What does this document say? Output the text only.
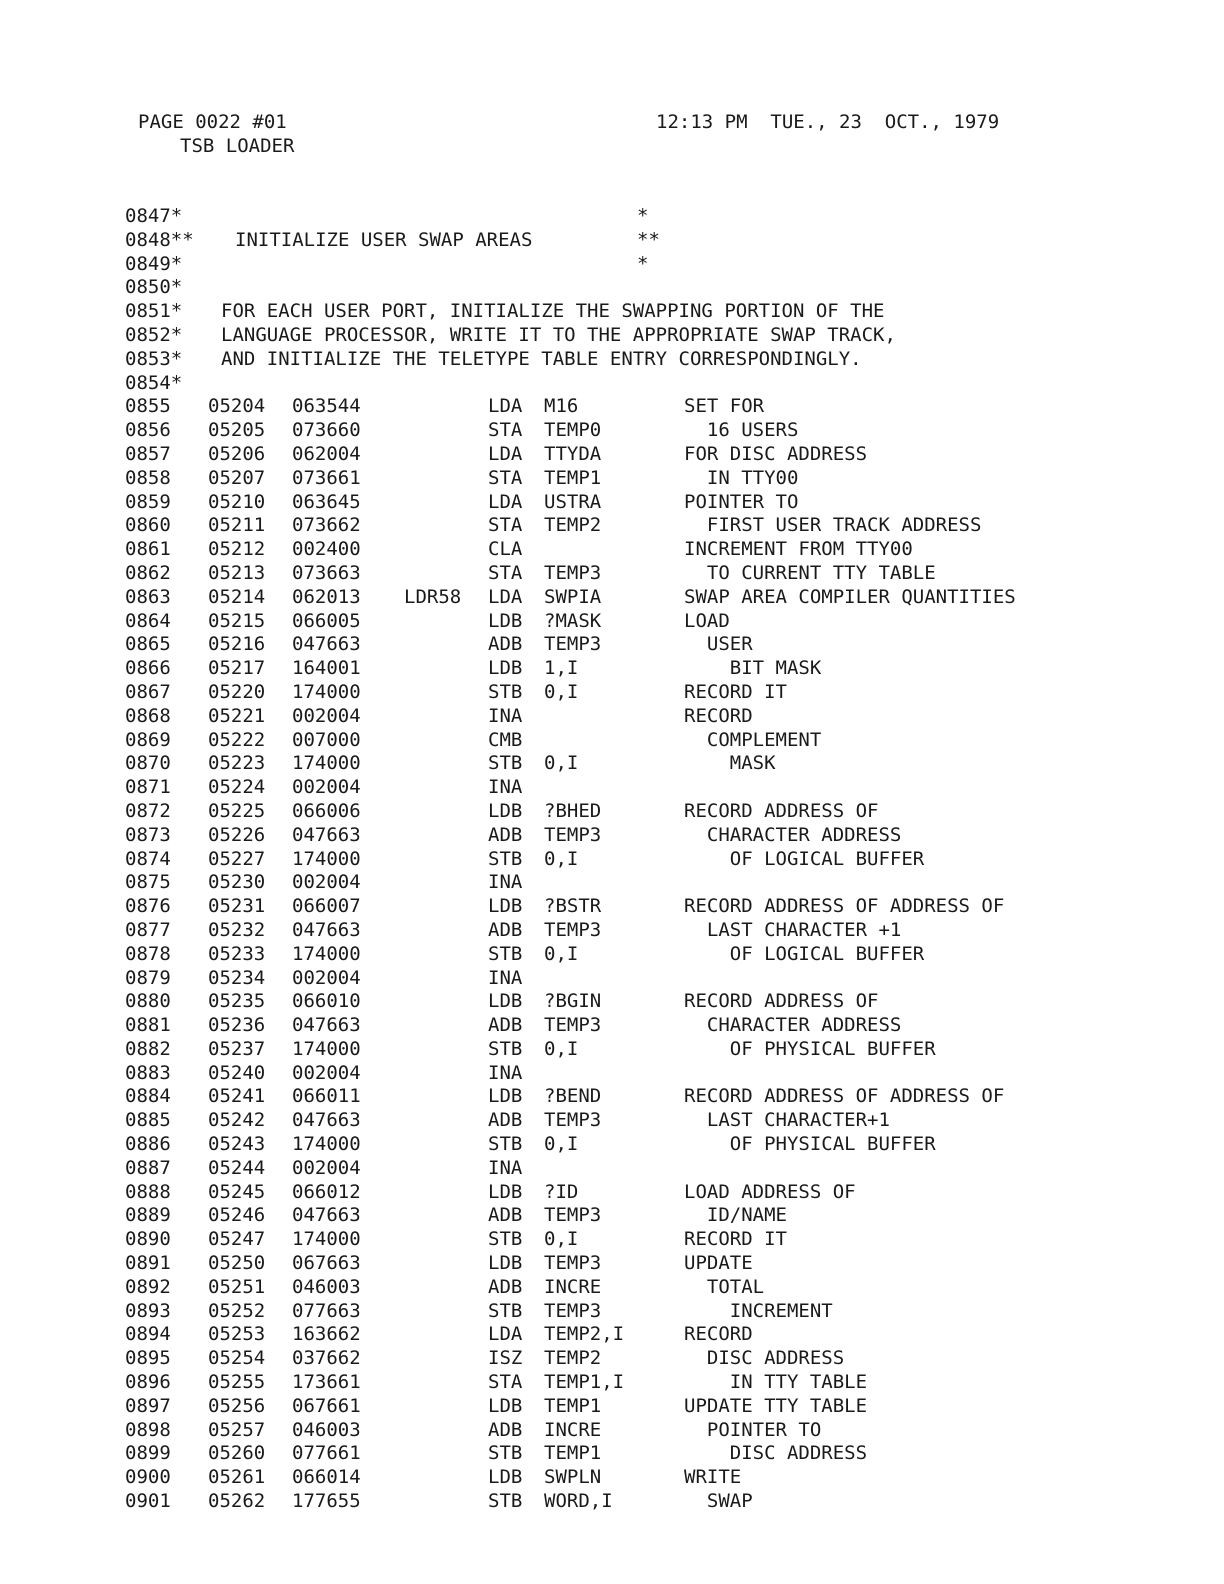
PAGE 0022 #01
TSB LOADER
12:13 PM  TUE., 23  OCT., 1979
0847*	*
0848** INITIALIZE USER SWAP AREAS	**
0849*	*
0850*
0851* FOR EACH USER PORT, INITIALIZE THE SWAPPING PORTION OF THE
0852* LANGUAGE PROCESSOR, WRITE IT TO THE APPROPRIATE SWAP TRACK,
0853* AND INITIALIZE THE TELETYPE TABLE ENTRY CORRESPONDINGLY.
0854*
0855 05204 063544	LDA M16	SET FOR
0856 05205 073660	STA TEMP0	16 USERS
0857 05206 062004	LDA TTYDA	FOR DISC ADDRESS
0858 05207 073661	STA TEMP1	IN TTY00
0859 05210 063645	LDA USTRA	POINTER TO
0860 05211 073662	STA TEMP2	FIRST USER TRACK ADDRESS
0861 05212 002400	CLA	INCREMENT FROM TTY00
0862 05213 073663	STA TEMP3	TO CURRENT TTY TABLE
0863 05214 062013 LDR58 LDA SWPIA	SWAP AREA COMPILER QUANTITIES
0864 05215 066005	LDB ?MASK	LOAD
0865 05216 047663	ADB TEMP3	USER
0866 05217 164001	LDB 1,I	BIT MASK
0867 05220 174000	STB 0,I	RECORD IT
0868 05221 002004	INA	RECORD
0869 05222 007000	CMB	COMPLEMENT
0870 05223 174000	STB 0,I	MASK
0871 05224 002004	INA
0872 05225 066006	LDB ?BHED	RECORD ADDRESS OF
0873 05226 047663	ADB TEMP3	CHARACTER ADDRESS
0874 05227 174000	STB 0,I	OF LOGICAL BUFFER
0875 05230 002004	INA
0876 05231 066007	LDB ?BSTR	RECORD ADDRESS OF ADDRESS OF
0877 05232 047663	ADB TEMP3	LAST CHARACTER +1
0878 05233 174000	STB 0,I	OF LOGICAL BUFFER
0879 05234 002004	INA
0880 05235 066010	LDB ?BGIN	RECORD ADDRESS OF
0881 05236 047663	ADB TEMP3	CHARACTER ADDRESS
0882 05237 174000	STB 0,I	OF PHYSICAL BUFFER
0883 05240 002004	INA
0884 05241 066011	LDB ?BEND	RECORD ADDRESS OF ADDRESS OF
0885 05242 047663	ADB TEMP3	LAST CHARACTER+1
0886 05243 174000	STB 0,I	OF PHYSICAL BUFFER
0887 05244 002004	INA
0888 05245 066012	LDB ?ID	LOAD ADDRESS OF
0889 05246 047663	ADB TEMP3	ID/NAME
0890 05247 174000	STB 0,I	RECORD IT
0891 05250 067663	LDB TEMP3	UPDATE
0892 05251 046003	ADB INCRE	TOTAL
0893 05252 077663	STB TEMP3	INCREMENT
0894 05253 163662	LDA TEMP2,I	RECORD
0895 05254 037662	ISZ TEMP2	DISC ADDRESS
0896 05255 173661	STA TEMP1,I	IN TTY TABLE
0897 05256 067661	LDB TEMP1	UPDATE TTY TABLE
0898 05257 046003	ADB INCRE	POINTER TO
0899 05260 077661	STB TEMP1	DISC ADDRESS
0900 05261 066014	LDB SWPLN	WRITE
0901 05262 177655	STB WORD,I	SWAP
